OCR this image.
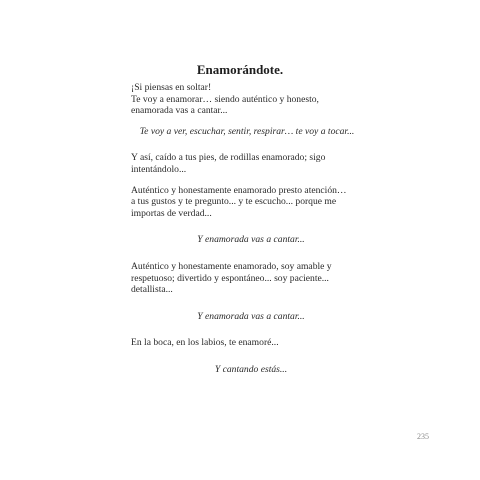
Enamorándote.

¡Si piensas en soltar!
Te voy a enamorar… siendo auténtico y honesto,
enamorada vas a cantar...

Te voy a ver, escuchar, sentir, respirar… te voy a tocar...

Y así, caído a tus pies, de rodillas enamorado; sigo
intentándolo...

Auténtico y honestamente enamorado presto atención…
a tus gustos y te pregunto... y te escucho... porque me
importas de verdad...

Y enamorada vas a cantar...

Auténtico y honestamente enamorado, soy amable y
respetuoso; divertido y espontáneo... soy paciente...
detallista...

Y enamorada vas a cantar...

En la boca, en los labios, te enamoré...

Y cantando estás...

235
